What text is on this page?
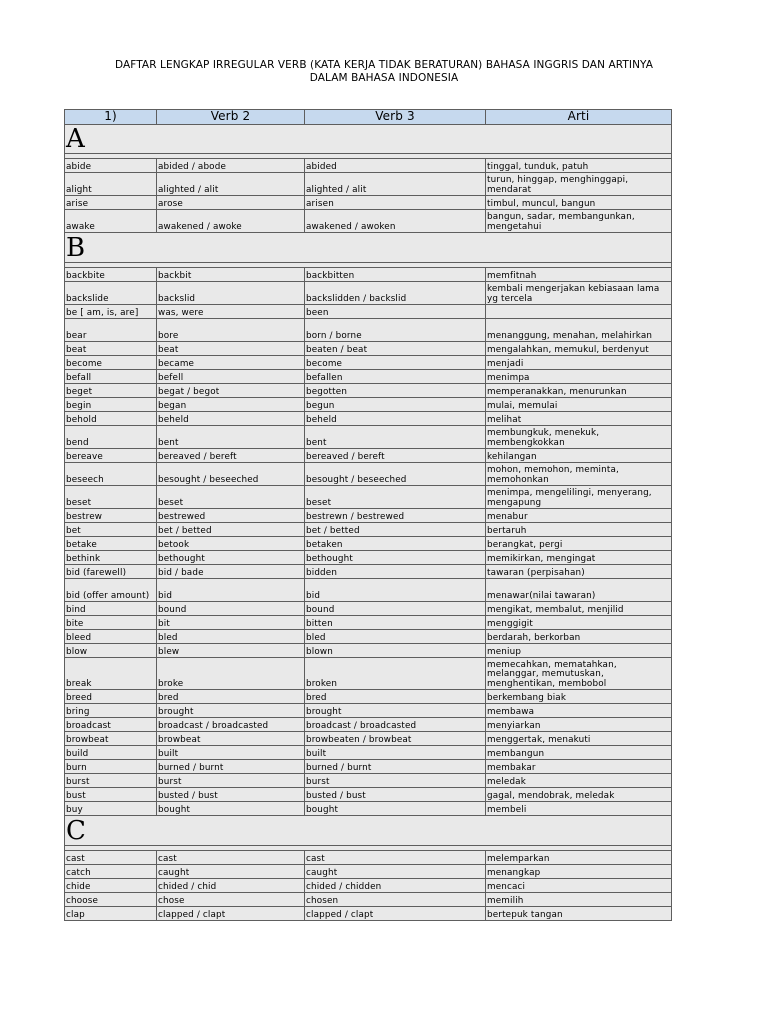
DAFTAR LENGKAP IRREGULAR VERB (KATA KERJA TIDAK BERATURAN) BAHASA INGGRIS DAN ARTINYA
DALAM BAHASA INDONESIA
1)	Verb 2	Verb 3	Arti
A			

abide	abided / abode	abided	tinggal, tunduk, patuh
alight	alighted / alit	alighted / alit	turun, hinggap, menghinggapi, mendarat
arise	arose	arisen	timbul, muncul, bangun
awake	awakened / awoke	awakened / awoken	bangun, sadar, membangunkan, mengetahui
B			

backbite	backbit	backbitten	memfitnah
backslide	backslid	backslidden / backslid	kembali mengerjakan kebiasaan lama yg tercela
be [ am, is, are]	was, were	been	
bear	bore	born / borne	menanggung, menahan, melahirkan
beat	beat	beaten / beat	mengalahkan, memukul, berdenyut
become	became	become	menjadi
befall	befell	befallen	menimpa
beget	begat / begot	begotten	memperanakkan, menurunkan
begin	began	begun	mulai, memulai
behold	beheld	beheld	melihat
bend	bent	bent	membungkuk, menekuk, membengkokkan
bereave	bereaved / bereft	bereaved / bereft	kehilangan
beseech	besought / beseeched	besought / beseeched	mohon, memohon, meminta, memohonkan
beset	beset	beset	menimpa, mengelilingi, menyerang, mengapung
bestrew	bestrewed	bestrewn / bestrewed	menabur
bet	bet / betted	bet / betted	bertaruh
betake	betook	betaken	berangkat, pergi
bethink	bethought	bethought	memikirkan, mengingat
bid (farewell)	bid / bade	bidden	tawaran (perpisahan)
bid (offer amount)	bid	bid	menawar(nilai tawaran)
bind	bound	bound	mengikat, membalut, menjilid
bite	bit	bitten	menggigit
bleed	bled	bled	berdarah, berkorban
blow	blew	blown	meniup
break	broke	broken	memecahkan, mematahkan, melanggar, memutuskan, menghentikan, membobol
breed	bred	bred	berkembang biak
bring	brought	brought	membawa
broadcast	broadcast / broadcasted	broadcast / broadcasted	menyiarkan
browbeat	browbeat	browbeaten / browbeat	menggertak, menakuti
build	built	built	membangun
burn	burned / burnt	burned / burnt	membakar
burst	burst	burst	meledak
bust	busted / bust	busted / bust	gagal, mendobrak, meledak
buy	bought	bought	membeli
C			

cast	cast	cast	melemparkan
catch	caught	caught	menangkap
chide	chided / chid	chided / chidden	mencaci
choose	chose	chosen	memilih
clap	clapped / clapt	clapped / clapt	bertepuk tangan
